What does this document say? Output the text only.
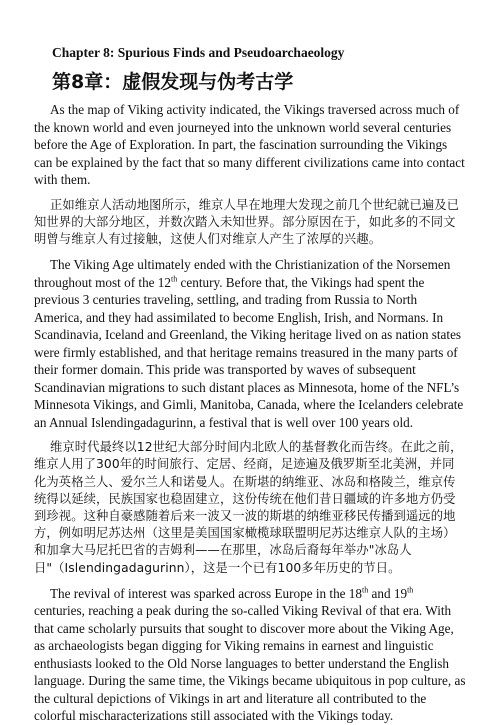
Chapter 8: Spurious Finds and Pseudoarchaeology
第8章：虚假发现与伪考古学

As the map of Viking activity indicated, the Vikings traversed across much of the known world and even journeyed into the unknown world several centuries before the Age of Exploration. In part, the fascination surrounding the Vikings can be explained by the fact that so many different civilizations came into contact with them.

正如维京人活动地图所示，维京人早在地理大发现之前几个世纪就已遍及已知世界的大部分地区，并数次踏入未知世界。部分原因在于，如此多的不同文明曾与维京人有过接触，这使人们对维京人产生了浓厚的兴趣。

The Viking Age ultimately ended with the Christianization of the Norsemen throughout most of the 12th century. Before that, the Vikings had spent the previous 3 centuries traveling, settling, and trading from Russia to North America, and they had assimilated to become English, Irish, and Normans. In Scandinavia, Iceland and Greenland, the Viking heritage lived on as nation states were firmly established, and that heritage remains treasured in the many parts of their former domain. This pride was transported by waves of subsequent Scandinavian migrations to such distant places as Minnesota, home of the NFL’s Minnesota Vikings, and Gimli, Manitoba, Canada, where the Icelanders celebrate an Annual Islendingadagurinn, a festival that is well over 100 years old.

维京时代最终以12世纪大部分时间内北欧人的基督教化而告终。在此之前，维京人用了300年的时间旅行、定居、经商，足迹遍及俄罗斯至北美洲，并同化为英格兰人、爱尔兰人和诺曼人。在斯堪的纳维亚、冰岛和格陵兰，维京传统得以延续，民族国家也稳固建立，这份传统在他们昔日疆域的许多地方仍受到珍视。这种自豪感随着后来一波又一波的斯堪的纳维亚移民传播到遥远的地方，例如明尼苏达州（这里是美国国家橄榄球联盟明尼苏达维京人队的主场）和加拿大马尼托巴省的吉姆利——在那里，冰岛后裔每年举办"冰岛人日"（Islendingadagurinn），这是一个已有100多年历史的节日。

The revival of interest was sparked across Europe in the 18th and 19th centuries, reaching a peak during the so-called Viking Revival of that era. With that came scholarly pursuits that sought to discover more about the Viking Age, as archaeologists began digging for Viking remains in earnest and linguistic enthusiasts looked to the Old Norse languages to better understand the English language. During the same time, the Vikings became ubiquitous in pop culture, as the cultural depictions of Vikings in art and literature all contributed to the colorful mischaracterizations still associated with the Vikings today.
